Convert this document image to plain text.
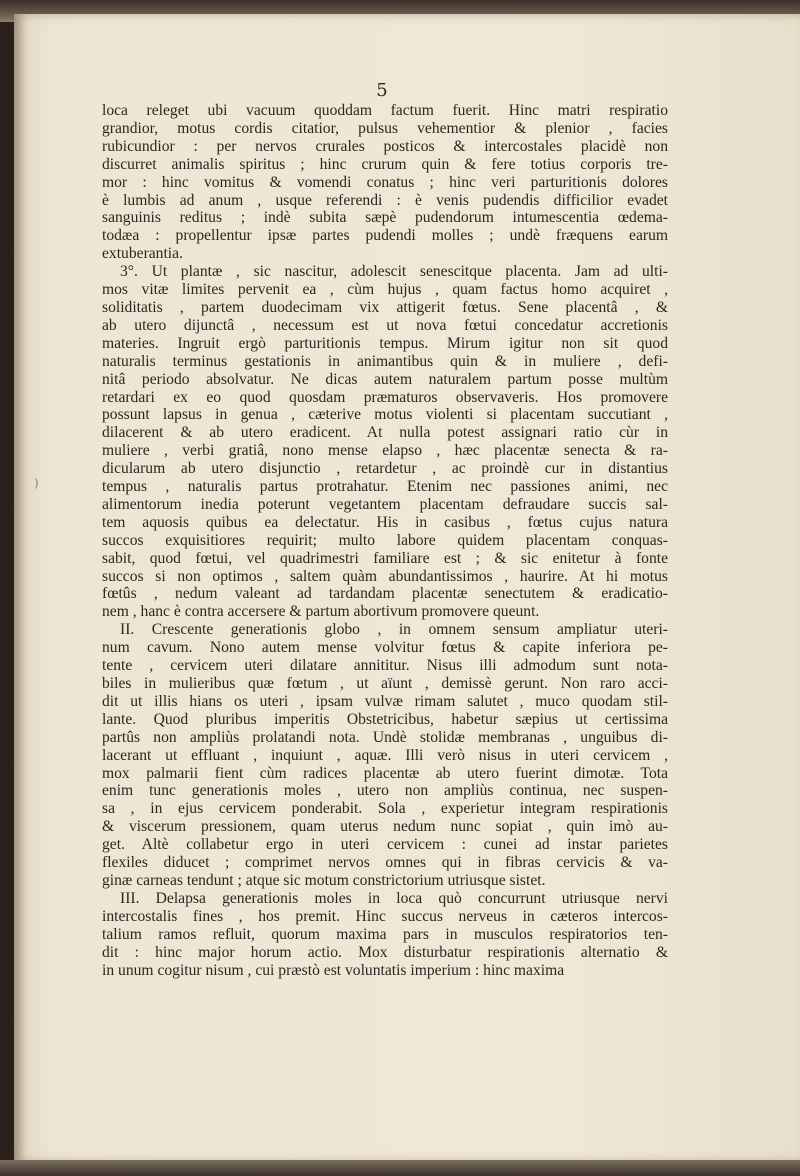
5
)
loca releget ubi vacuum quoddam factum fuerit. Hinc matri respiratio
grandior, motus cordis citatior, pulsus vehementior & plenior , facies
rubicundior : per nervos crurales posticos & intercostales placidè non
discurret animalis spiritus ; hinc crurum quin & fere totius corporis tre-
mor : hinc vomitus & vomendi conatus ; hinc veri parturitionis dolores
è lumbis ad anum , usque referendi : è venis pudendis difficilior evadet
sanguinis reditus ; indè subita sæpè pudendorum intumescentia œdema-
todæa : propellentur ipsæ partes pudendi molles ; undè fræquens earum
extuberantia.
3°. Ut plantæ , sic nascitur, adolescit senescitque placenta. Jam ad ulti-
mos vitæ limites pervenit ea , cùm hujus , quam factus homo acquiret ,
soliditatis , partem duodecimam vix attigerit fœtus. Sene placentâ , &
ab utero dijunctâ , necessum est ut nova fœtui concedatur accretionis
materies. Ingruit ergò parturitionis tempus. Mirum igitur non sit quod
naturalis terminus gestationis in animantibus quin & in muliere , defi-
nitâ periodo absolvatur. Ne dicas autem naturalem partum posse multùm
retardari ex eo quod quosdam præmaturos observaveris. Hos promovere
possunt lapsus in genua , cæterive motus violenti si placentam succutiant ,
dilacerent & ab utero eradicent. At nulla potest assignari ratio cùr in
muliere , verbi gratiâ, nono mense elapso , hæc placentæ senecta & ra-
dicularum ab utero disjunctio , retardetur , ac proindè cur in distantius
tempus , naturalis partus protrahatur. Etenim nec passiones animi, nec
alimentorum inedia poterunt vegetantem placentam defraudare succis sal-
tem aquosis quibus ea delectatur. His in casibus , fœtus cujus natura
succos exquisitiores requirit; multo labore quidem placentam conquas-
sabit, quod fœtui, vel quadrimestri familiare est ; & sic enitetur à fonte
succos si non optimos , saltem quàm abundantissimos , haurire. At hi motus
fœtûs , nedum valeant ad tardandam placentæ senectutem & eradicatio-
nem , hanc è contra accersere & partum abortivum promovere queunt.
II. Crescente generationis globo , in omnem sensum ampliatur uteri-
num cavum. Nono autem mense volvitur fœtus & capite inferiora pe-
tente , cervicem uteri dilatare annititur. Nisus illi admodum sunt nota-
biles in mulieribus quæ fœtum , ut aïunt , demissè gerunt. Non raro acci-
dit ut illis hians os uteri , ipsam vulvæ rimam salutet , muco quodam stil-
lante. Quod pluribus imperitis Obstetricibus, habetur sæpius ut certissima
partûs non ampliùs prolatandi nota. Undè stolidæ membranas , unguibus di-
lacerant ut effluant , inquiunt , aquæ. Illi verò nisus in uteri cervicem ,
mox palmarii fient cùm radices placentæ ab utero fuerint dimotæ. Tota
enim tunc generationis moles , utero non ampliùs continua, nec suspen-
sa , in ejus cervicem ponderabit. Sola , experietur integram respirationis
& viscerum pressionem, quam uterus nedum nunc sopiat , quin imò au-
get. Altè collabetur ergo in uteri cervicem : cunei ad instar parietes
flexiles diducet ; comprimet nervos omnes qui in fibras cervicis & va-
ginæ carneas tendunt ; atque sic motum constrictorium utriusque sistet.
III. Delapsa generationis moles in loca quò concurrunt utriusque nervi
intercostalis fines , hos premit. Hinc succus nerveus in cæteros intercos-
talium ramos refluit, quorum maxima pars in musculos respiratorios ten-
dit : hinc major horum actio. Mox disturbatur respirationis alternatio &
in unum cogitur nisum , cui præstò est voluntatis imperium : hinc maxima
